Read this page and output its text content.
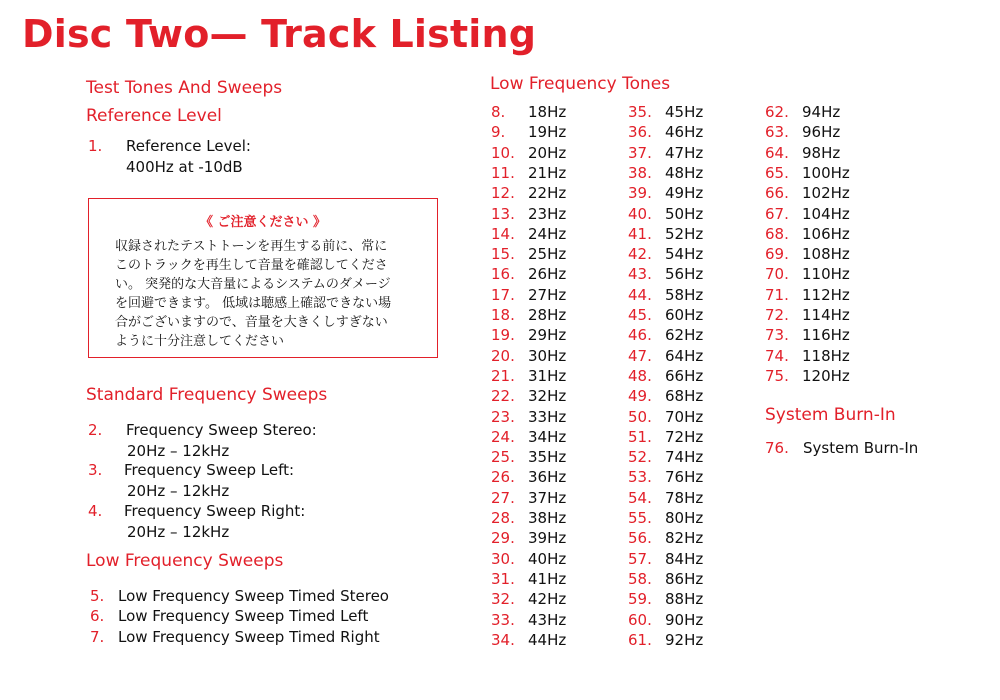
Disc Two— Track Listing
Test Tones And Sweeps
Reference Level
1. Reference Level:
400Hz at -10dB
《 ご注意ください 》
収録されたテストトーンを再生する前に、常に
このトラックを再生して音量を確認してくださ
い。 突発的な大音量によるシステムのダメージ
を回避できます。 低域は聴感上確認できない場
合がございますので、音量を大きくしすぎない
ように十分注意してください
Standard Frequency Sweeps
2. Frequency Sweep Stereo:
20Hz – 12kHz
3. Frequency Sweep Left:
20Hz – 12kHz
4. Frequency Sweep Right:
20Hz – 12kHz
Low Frequency Sweeps
5. Low Frequency Sweep Timed Stereo
6. Low Frequency Sweep Timed Left
7. Low Frequency Sweep Timed Right
Low Frequency Tones
8. 18Hz
9. 19Hz
10. 20Hz
11. 21Hz
12. 22Hz
13. 23Hz
14. 24Hz
15. 25Hz
16. 26Hz
17. 27Hz
18. 28Hz
19. 29Hz
20. 30Hz
21. 31Hz
22. 32Hz
23. 33Hz
24. 34Hz
25. 35Hz
26. 36Hz
27. 37Hz
28. 38Hz
29. 39Hz
30. 40Hz
31. 41Hz
32. 42Hz
33. 43Hz
34. 44Hz
35. 45Hz
36. 46Hz
37. 47Hz
38. 48Hz
39. 49Hz
40. 50Hz
41. 52Hz
42. 54Hz
43. 56Hz
44. 58Hz
45. 60Hz
46. 62Hz
47. 64Hz
48. 66Hz
49. 68Hz
50. 70Hz
51. 72Hz
52. 74Hz
53. 76Hz
54. 78Hz
55. 80Hz
56. 82Hz
57. 84Hz
58. 86Hz
59. 88Hz
60. 90Hz
61. 92Hz
62. 94Hz
63. 96Hz
64. 98Hz
65. 100Hz
66. 102Hz
67. 104Hz
68. 106Hz
69. 108Hz
70. 110Hz
71. 112Hz
72. 114Hz
73. 116Hz
74. 118Hz
75. 120Hz
System Burn-In
76. System Burn-In
